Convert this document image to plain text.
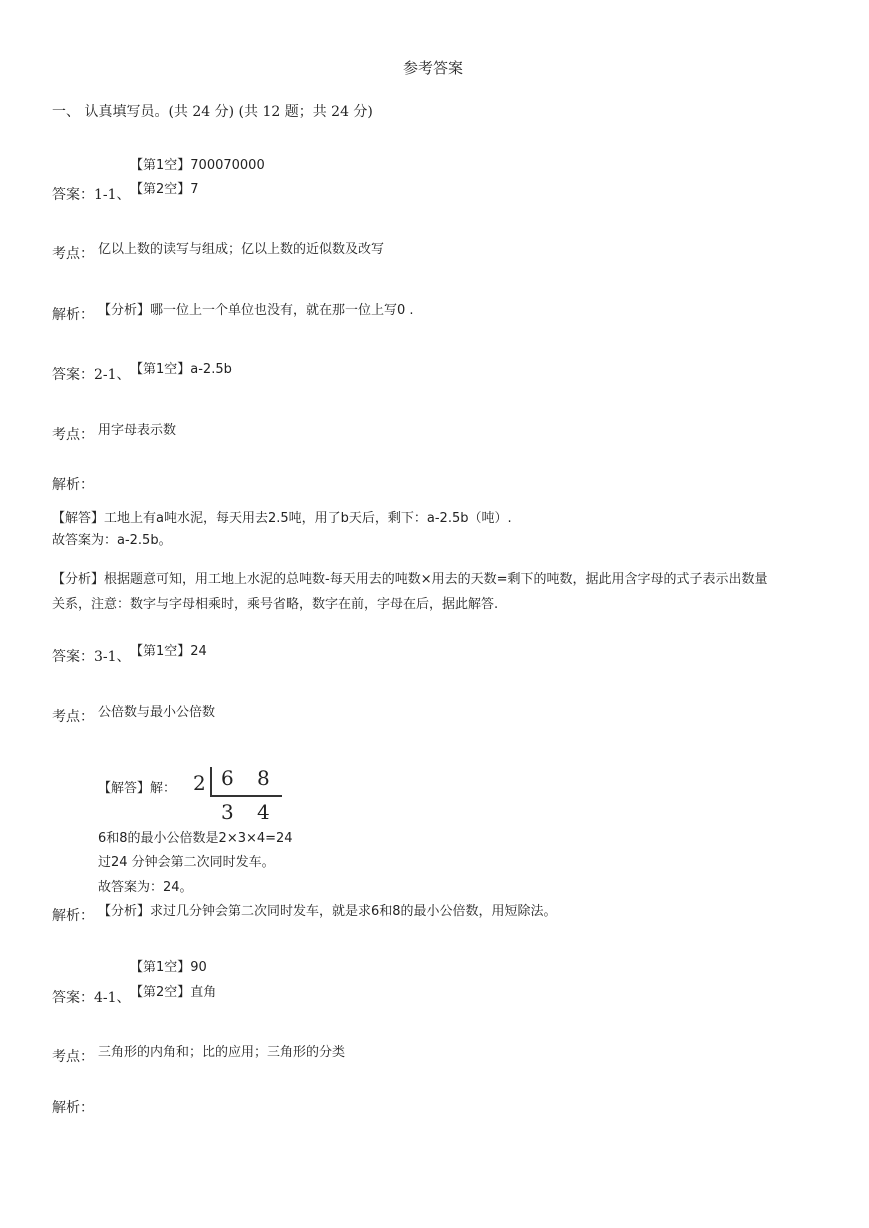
参考答案
一、 认真填写员。(共 24 分) (共 12 题；共 24 分)
【第1空】700070000
答案：1-1、 【第2空】7
考点： 亿以上数的读写与组成；亿以上数的近似数及改写
解析： 【分析】哪一位上一个单位也没有，就在那一位上写0 .
答案：2-1、 【第1空】a-2.5b
考点： 用字母表示数
解析：
【解答】工地上有a吨水泥，每天用去2.5吨，用了b天后，剩下：a-2.5b（吨）.
故答案为：a-2.5b。
【分析】根据题意可知，用工地上水泥的总吨数-每天用去的吨数×用去的天数=剩下的吨数，据此用含字母的式子表示出数量
关系，注意：数字与字母相乘时，乘号省略，数字在前，字母在后，据此解答.
答案：3-1、 【第1空】24
考点： 公倍数与最小公倍数
【解答】解： 2 6 8
3 4
6和8的最小公倍数是2×3×4=24
过24 分钟会第二次同时发车。
故答案为：24。
解析： 【分析】求过几分钟会第二次同时发车，就是求6和8的最小公倍数，用短除法。
【第1空】90
答案：4-1、 【第2空】直角
考点： 三角形的内角和；比的应用；三角形的分类
解析：
